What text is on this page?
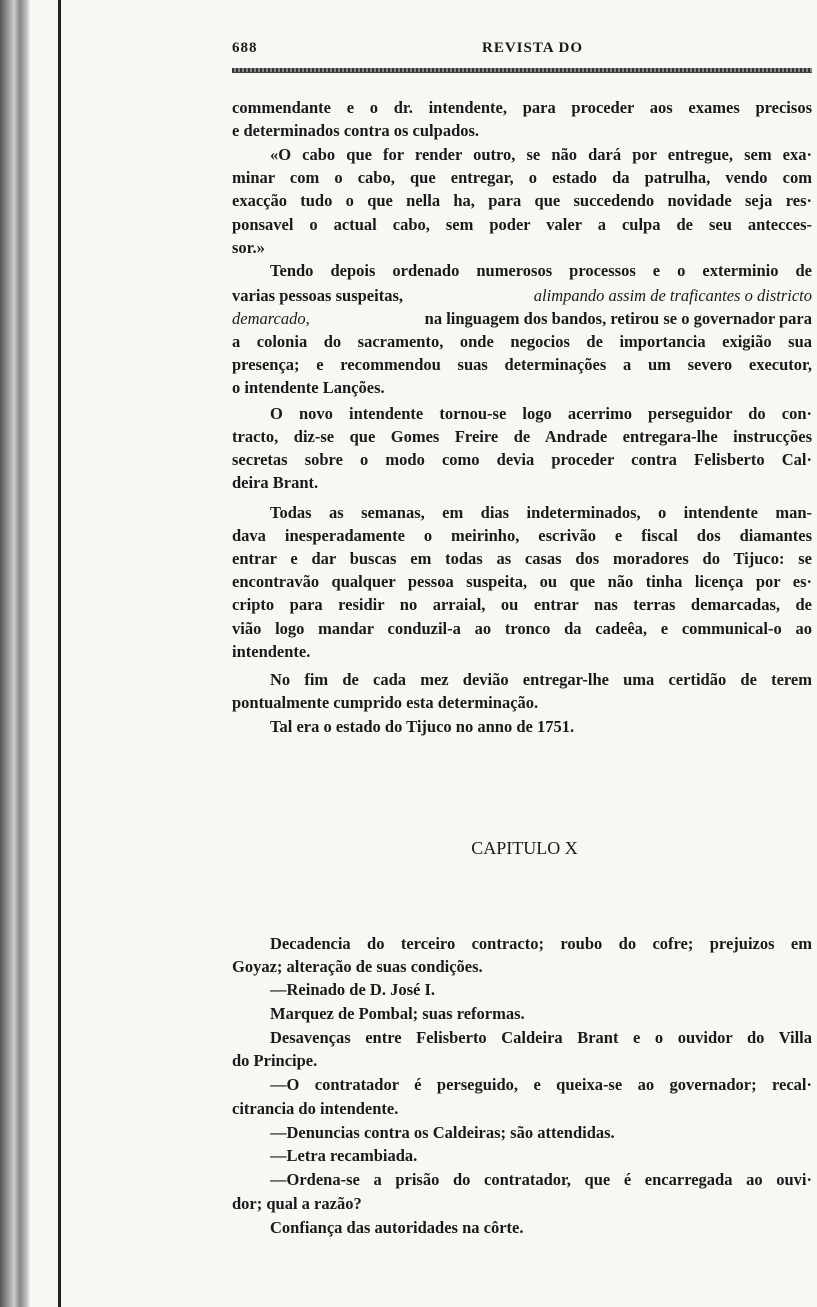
688	REVISTA DO
commendante e o dr. intendente, para proceder aos exames precisos
e determinados contra os culpados.
«O cabo que for render outro, se não dará por entregue, sem exa·
minar com o cabo, que entregar, o estado da patrulha, vendo com
exacção tudo o que nella ha, para que succedendo novidade seja res·
ponsavel o actual cabo, sem poder valer a culpa de seu antecces-
sor.»
Tendo depois ordenado numerosos processos e o exterminio de
varias pessoas suspeitas,	alimpando assim de traficantes o districto
demarcado,	na linguagem dos bandos, retirou se o governador para
a colonia do sacramento, onde negocios de importancia exigião sua
presença; e recommendou suas determinações a um severo executor,
o intendente Lanções.
O novo intendente tornou-se logo acerrimo perseguidor do con·
tracto, diz-se que Gomes Freire de Andrade entregara-lhe instrucções
secretas sobre o modo como devia proceder contra Felisberto Cal·
deira Brant.
Todas as semanas, em dias indeterminados, o intendente man-
dava inesperadamente o meirinho, escrivão e fiscal dos diamantes
entrar e dar buscas em todas as casas dos moradores do Tijuco: se
encontravão qualquer pessoa suspeita, ou que não tinha licença por es·
cripto para residir no arraial, ou entrar nas terras demarcadas, de
vião logo mandar conduzil-a ao tronco da cadeêa, e communical-o ao
intendente.
No fim de cada mez devião entregar-lhe uma certidão de terem
pontualmente cumprido esta determinação.
Tal era o estado do Tijuco no anno de 1751.
CAPITULO X
Decadencia do terceiro contracto; roubo do cofre; prejuizos em
Goyaz; alteração de suas condições.
—Reinado de D. José I.
Marquez de Pombal; suas reformas.
Desavenças entre Felisberto Caldeira Brant e o ouvidor do Villa
do Principe.
—O contratador é perseguido, e queixa-se ao governador; recal·
citrancia do intendente.
—Denuncias contra os Caldeiras; são attendidas.
—Letra recambiada.
—Ordena-se a prisão do contratador, que é encarregada ao ouvi·
dor; qual a razão?
Confiança das autoridades na côrte.
